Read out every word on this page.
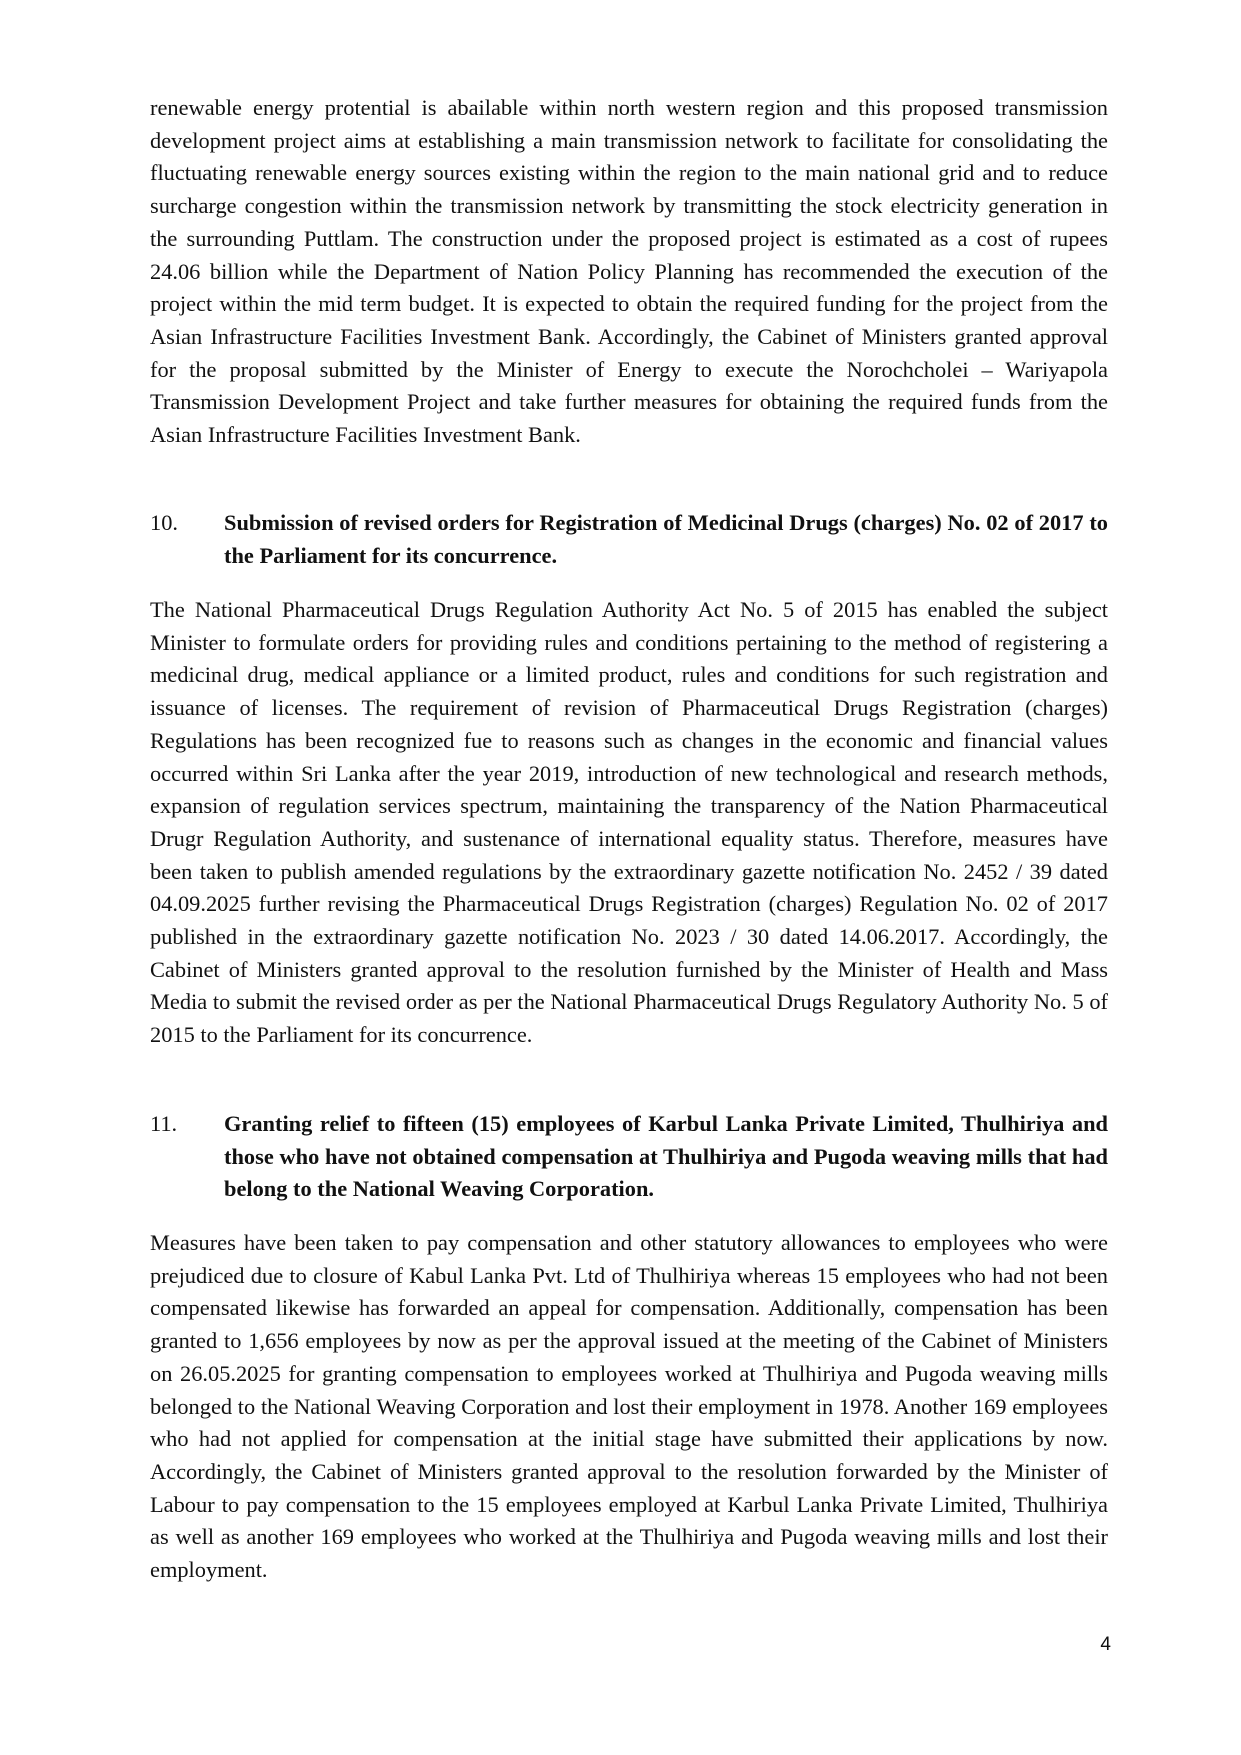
renewable energy protential is abailable within north western region and this proposed transmission development project aims at establishing a main transmission network to facilitate for consolidating the fluctuating renewable energy sources existing within the region to the main national grid and to reduce surcharge congestion within the transmission network by transmitting the stock electricity generation in the surrounding Puttlam. The construction under the proposed project is estimated as a cost of rupees 24.06 billion while the Department of Nation Policy Planning has recommended the execution of the project within the mid term budget. It is expected to obtain the required funding for the project from the Asian Infrastructure Facilities Investment Bank. Accordingly, the Cabinet of Ministers granted approval for the proposal submitted by the Minister of Energy to execute the Norochcholei – Wariyapola Transmission Development Project and take further measures for obtaining the required funds from the Asian Infrastructure Facilities Investment Bank.

10. Submission of revised orders for Registration of Medicinal Drugs (charges) No. 02 of 2017 to the Parliament for its concurrence.

The National Pharmaceutical Drugs Regulation Authority Act No. 5 of 2015 has enabled the subject Minister to formulate orders for providing rules and conditions pertaining to the method of registering a medicinal drug, medical appliance or a limited product, rules and conditions for such registration and issuance of licenses. The requirement of revision of Pharmaceutical Drugs Registration (charges) Regulations has been recognized fue to reasons such as changes in the economic and financial values occurred within Sri Lanka after the year 2019, introduction of new technological and research methods, expansion of regulation services spectrum, maintaining the transparency of the Nation Pharmaceutical Drugr Regulation Authority, and sustenance of international equality status. Therefore, measures have been taken to publish amended regulations by the extraordinary gazette notification No. 2452 / 39 dated 04.09.2025 further revising the Pharmaceutical Drugs Registration (charges) Regulation No. 02 of 2017 published in the extraordinary gazette notification No. 2023 / 30 dated 14.06.2017. Accordingly, the Cabinet of Ministers granted approval to the resolution furnished by the Minister of Health and Mass Media to submit the revised order as per the National Pharmaceutical Drugs Regulatory Authority No. 5 of 2015 to the Parliament for its concurrence.

11. Granting relief to fifteen (15) employees of Karbul Lanka Private Limited, Thulhiriya and those who have not obtained compensation at Thulhiriya and Pugoda weaving mills that had belong to the National Weaving Corporation.

Measures have been taken to pay compensation and other statutory allowances to employees who were prejudiced due to closure of Kabul Lanka Pvt. Ltd of Thulhiriya whereas 15 employees who had not been compensated likewise has forwarded an appeal for compensation. Additionally, compensation has been granted to 1,656 employees by now as per the approval issued at the meeting of the Cabinet of Ministers on 26.05.2025 for granting compensation to employees worked at Thulhiriya and Pugoda weaving mills belonged to the National Weaving Corporation and lost their employment in 1978. Another 169 employees who had not applied for compensation at the initial stage have submitted their applications by now. Accordingly, the Cabinet of Ministers granted approval to the resolution forwarded by the Minister of Labour to pay compensation to the 15 employees employed at Karbul Lanka Private Limited, Thulhiriya as well as another 169 employees who worked at the Thulhiriya and Pugoda weaving mills and lost their employment.

4
